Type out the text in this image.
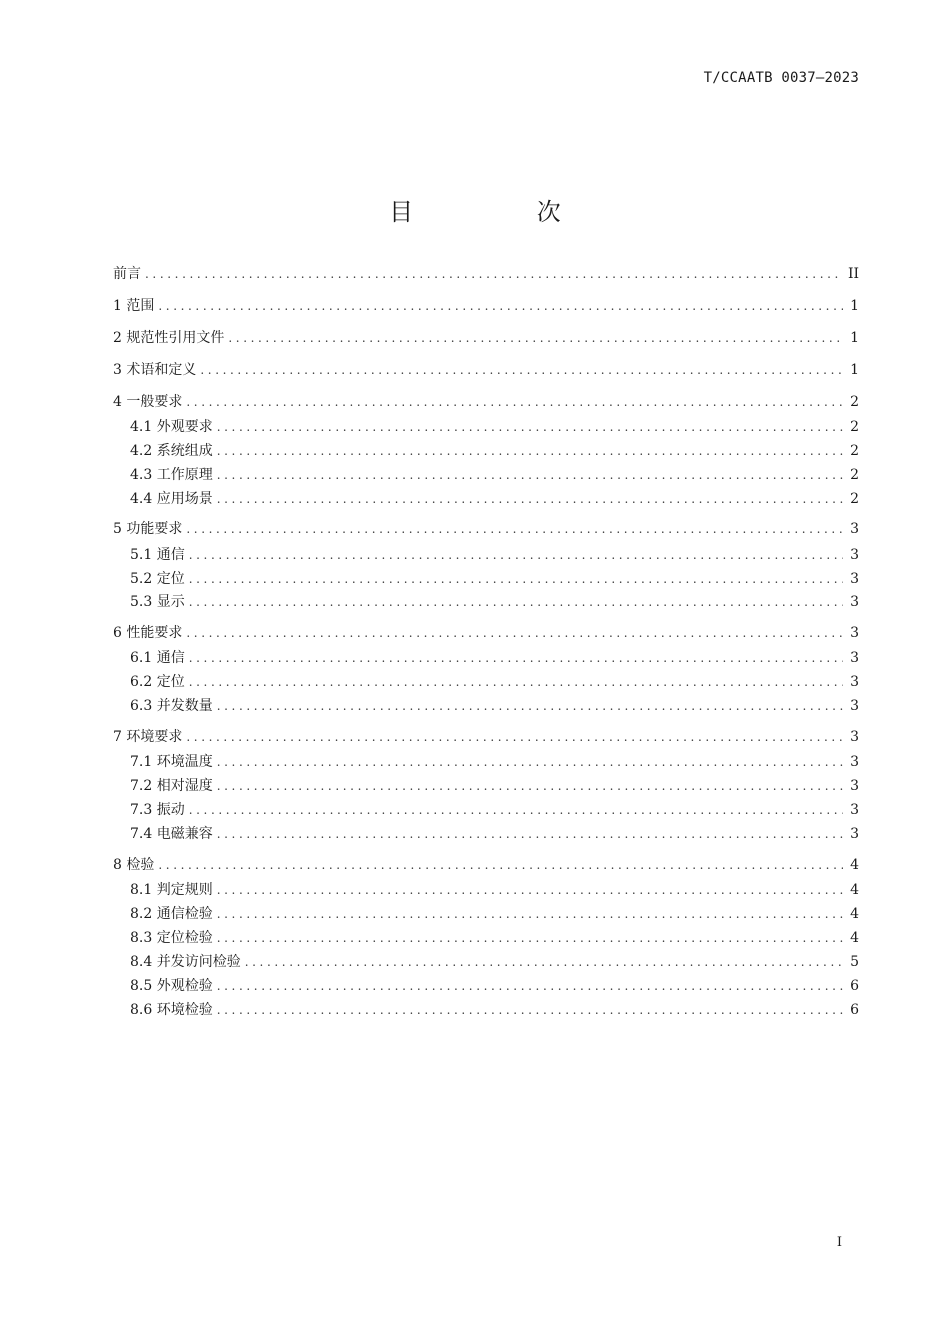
T/CCAATB 0037—2023
目 次
前言 .....	II
1 范围 .....	1
2 规范性引用文件 .....	1
3 术语和定义 .....	1
4 一般要求 .....	2
4.1 外观要求 .....	2
4.2 系统组成 .....	2
4.3 工作原理 .....	2
4.4 应用场景 .....	2
5 功能要求 .....	3
5.1 通信 .....	3
5.2 定位 .....	3
5.3 显示 .....	3
6 性能要求 .....	3
6.1 通信 .....	3
6.2 定位 .....	3
6.3 并发数量 .....	3
7 环境要求 .....	3
7.1 环境温度 .....	3
7.2 相对湿度 .....	3
7.3 振动 .....	3
7.4 电磁兼容 .....	3
8 检验 .....	4
8.1 判定规则 .....	4
8.2 通信检验 .....	4
8.3 定位检验 .....	4
8.4 并发访问检验 .....	5
8.5 外观检验 .....	6
8.6 环境检验 .....	6
I
